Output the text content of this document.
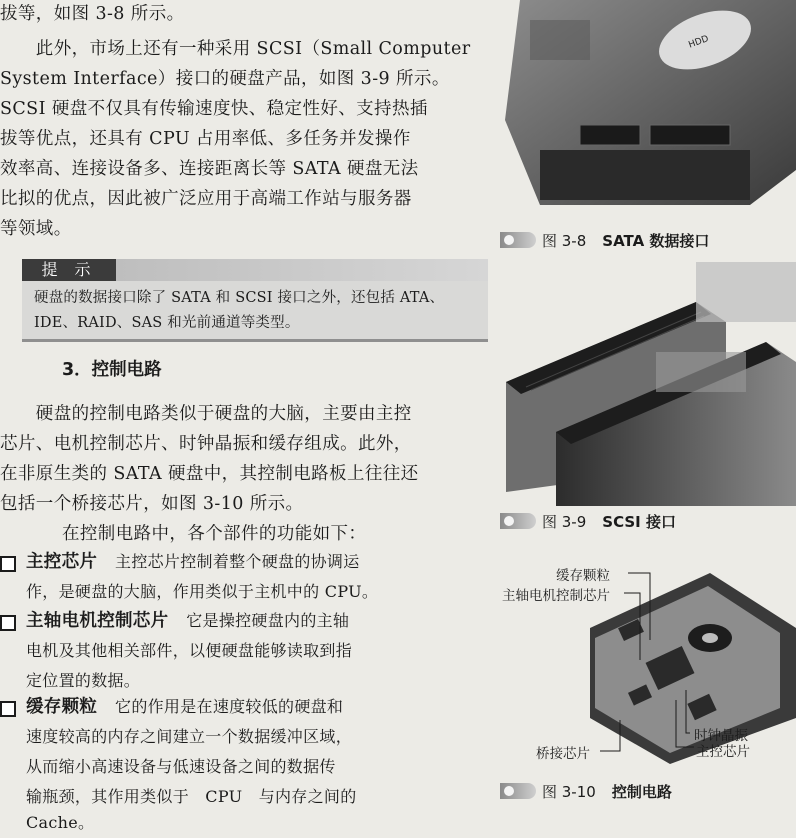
拔等，如图 3-8 所示。
　　此外，市场上还有一种采用 SCSI（Small Computer
System Interface）接口的硬盘产品，如图 3-9 所示。
SCSI 硬盘不仅具有传输速度快、稳定性好、支持热插
拔等优点，还具有 CPU 占用率低、多任务并发操作
效率高、连接设备多、连接距离长等 SATA 硬盘无法
比拟的优点，因此被广泛应用于高端工作站与服务器
等领域。
提 示
硬盘的数据接口除了 SATA 和 SCSI 接口之外，还包括 ATA、
IDE、RAID、SAS 和光前通道等类型。
3．控制电路
　　硬盘的控制电路类似于硬盘的大脑，主要由主控
芯片、电机控制芯片、时钟晶振和缓存组成。此外，
在非原生类的 SATA 硬盘中，其控制电路板上往往还
包括一个桥接芯片，如图 3-10 所示。
在控制电路中，各个部件的功能如下：
主控芯片　 主控芯片控制着整个硬盘的协调运
作，是硬盘的大脑，作用类似于主机中的 CPU。
主轴电机控制芯片　 它是操控硬盘内的主轴
电机及其他相关部件，以便硬盘能够读取到指
定位置的数据。
缓存颗粒　 它的作用是在速度较低的硬盘和
速度较高的内存之间建立一个数据缓冲区域，
从而缩小高速设备与低速设备之间的数据传
输瓶颈，其作用类似于　CPU　与内存之间的
Cache。
HDD
图 3-8 SATA 数据接口
图 3-9 SCSI 接口
缓存颗粒
主轴电机控制芯片
时钟晶振
主控芯片
桥接芯片
图 3-10 控制电路
